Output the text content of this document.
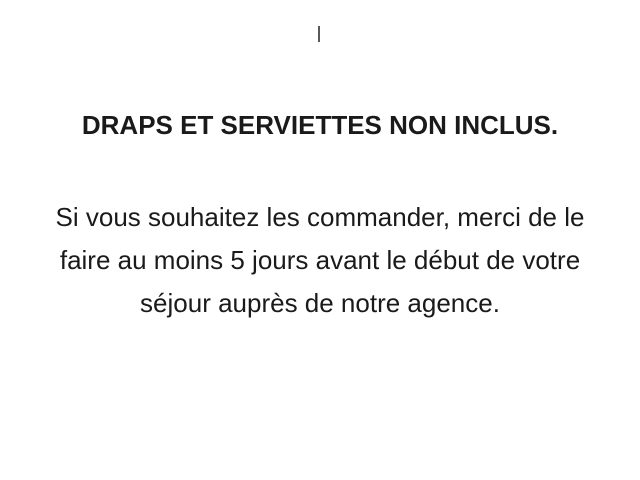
DRAPS ET SERVIETTES NON INCLUS.
Si vous souhaitez les commander, merci de le
faire au moins 5 jours avant le début de votre
séjour auprès de notre agence.
